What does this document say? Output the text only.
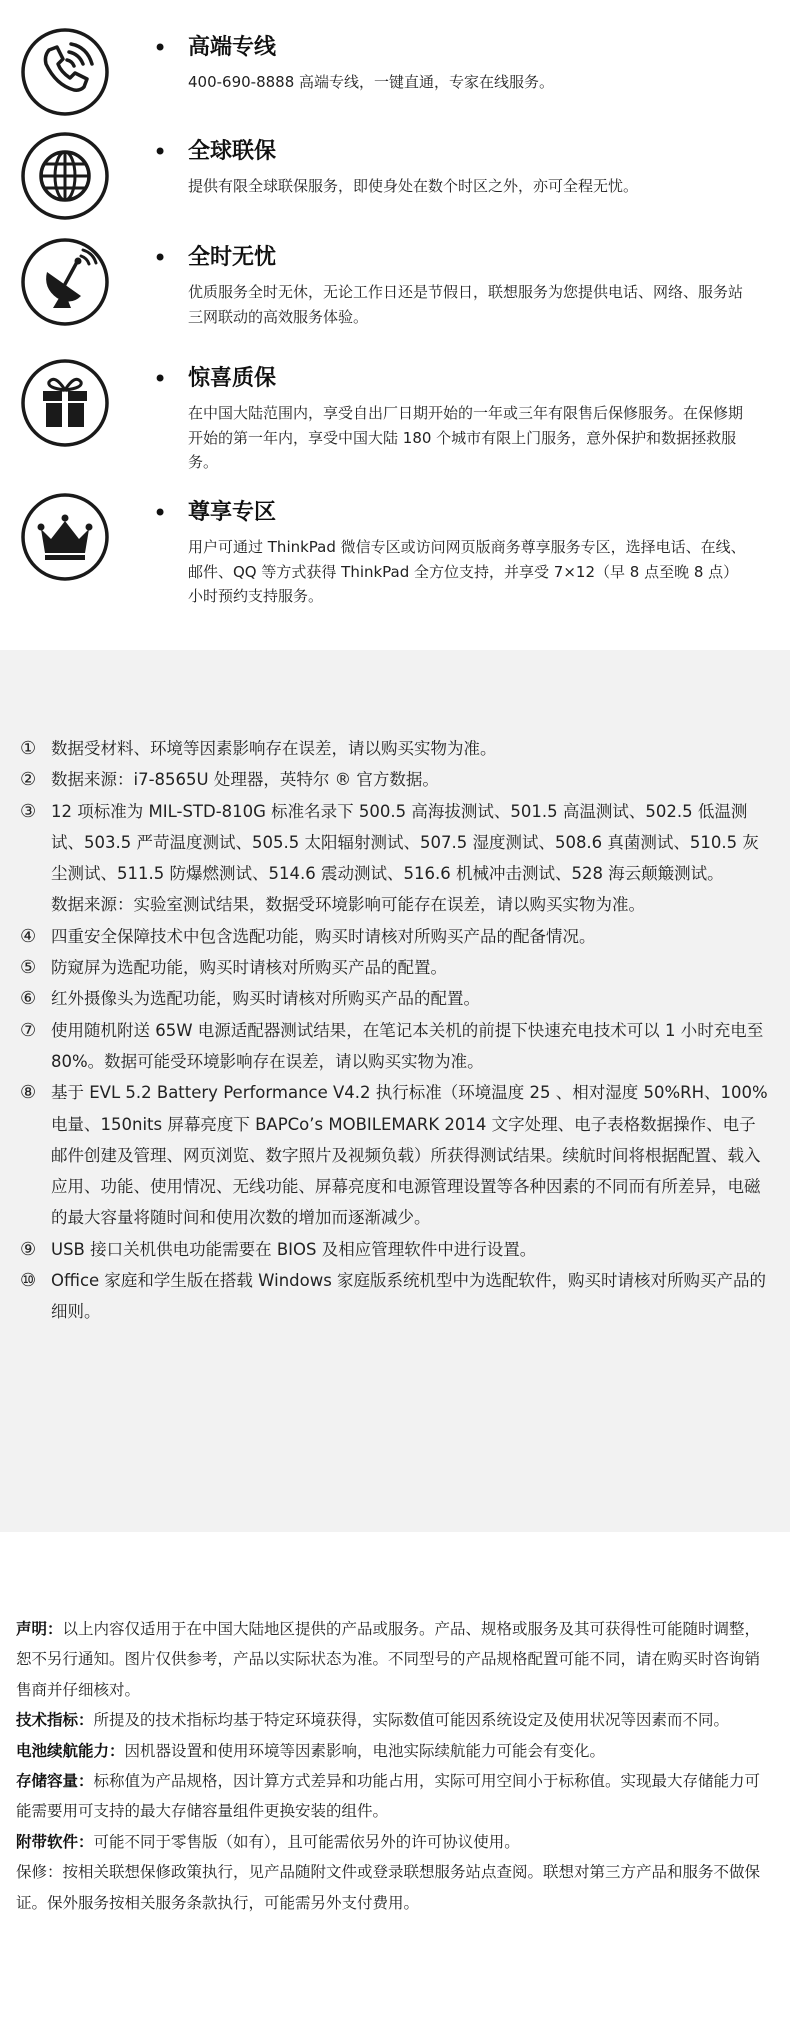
• 高端专线
400-690-8888 高端专线，一键直通，专家在线服务。
• 全球联保
提供有限全球联保服务，即使身处在数个时区之外，亦可全程无忧。
• 全时无忧
优质服务全时无休，无论工作日还是节假日，联想服务为您提供电话、网络、服务站三网联动的高效服务体验。
• 惊喜质保
在中国大陆范围内，享受自出厂日期开始的一年或三年有限售后保修服务。在保修期开始的第一年内，享受中国大陆 180 个城市有限上门服务，意外保护和数据拯救服务。
• 尊享专区
用户可通过 ThinkPad 微信专区或访问网页版商务尊享服务专区，选择电话、在线、邮件、QQ 等方式获得 ThinkPad 全方位支持，并享受 7×12（早 8 点至晚 8 点）小时预约支持服务。
① 数据受材料、环境等因素影响存在误差，请以购买实物为准。
② 数据来源：i7-8565U 处理器，英特尔 ® 官方数据。
③ 12 项标准为 MIL-STD-810G 标准名录下 500.5 高海拔测试、501.5 高温测试、502.5 低温测试、503.5 严苛温度测试、505.5 太阳辐射测试、507.5 湿度测试、508.6 真菌测试、510.5 灰尘测试、511.5 防爆燃测试、514.6 震动测试、516.6 机械冲击测试、528 海云颠簸测试。
数据来源：实验室测试结果，数据受环境影响可能存在误差，请以购买实物为准。
④ 四重安全保障技术中包含选配功能，购买时请核对所购买产品的配备情况。
⑤ 防窥屏为选配功能，购买时请核对所购买产品的配置。
⑥ 红外摄像头为选配功能，购买时请核对所购买产品的配置。
⑦ 使用随机附送 65W 电源适配器测试结果，在笔记本关机的前提下快速充电技术可以 1 小时充电至 80%。数据可能受环境影响存在误差，请以购买实物为准。
⑧ 基于 EVL 5.2 Battery Performance V4.2 执行标准（环境温度 25 、相对湿度 50%RH、100% 电量、150nits 屏幕亮度下 BAPCo’s MOBILEMARK 2014 文字处理、电子表格数据操作、电子邮件创建及管理、网页浏览、数字照片及视频负载）所获得测试结果。续航时间将根据配置、载入应用、功能、使用情况、无线功能、屏幕亮度和电源管理设置等各种因素的不同而有所差异，电磁的最大容量将随时间和使用次数的增加而逐渐减少。
⑨ USB 接口关机供电功能需要在 BIOS 及相应管理软件中进行设置。
⑩ Office 家庭和学生版在搭载 Windows 家庭版系统机型中为选配软件，购买时请核对所购买产品的细则。
声明：以上内容仅适用于在中国大陆地区提供的产品或服务。产品、规格或服务及其可获得性可能随时调整，恕不另行通知。图片仅供参考，产品以实际状态为准。不同型号的产品规格配置可能不同，请在购买时咨询销售商并仔细核对。
技术指标：所提及的技术指标均基于特定环境获得，实际数值可能因系统设定及使用状况等因素而不同。
电池续航能力：因机器设置和使用环境等因素影响，电池实际续航能力可能会有变化。
存储容量：标称值为产品规格，因计算方式差异和功能占用，实际可用空间小于标称值。实现最大存储能力可能需要用可支持的最大存储容量组件更换安装的组件。
附带软件：可能不同于零售版（如有），且可能需依另外的许可协议使用。
保修：按相关联想保修政策执行，见产品随附文件或登录联想服务站点查阅。联想对第三方产品和服务不做保证。保外服务按相关服务条款执行，可能需另外支付费用。
